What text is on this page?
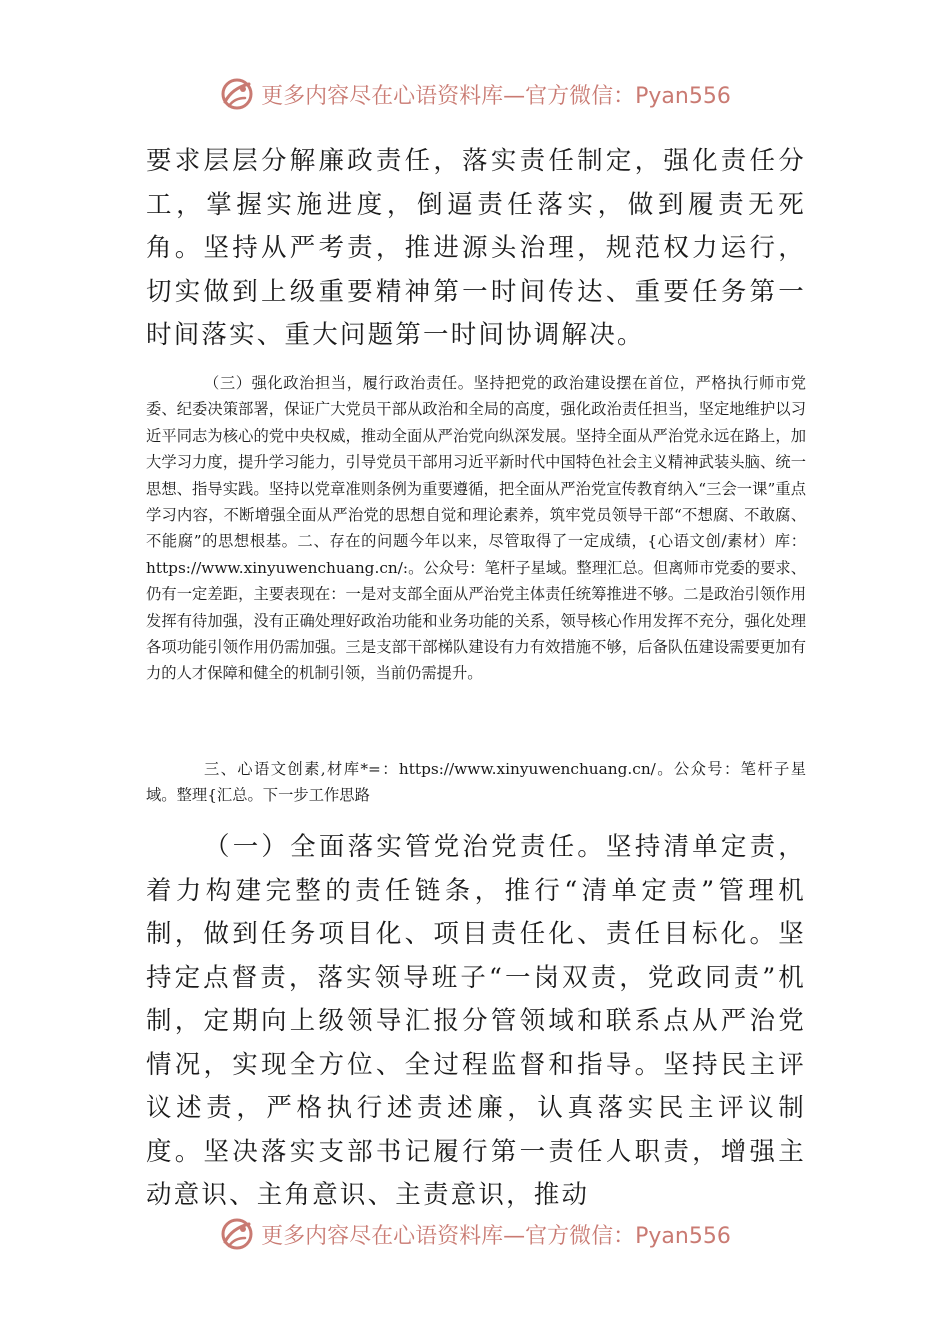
更多内容尽在心语资料库—官方微信：Pyan556

要求层层分解廉政责任，落实责任制定，强化责任分工，掌握实施进度，倒逼责任落实，做到履责无死角。坚持从严考责，推进源头治理，规范权力运行，切实做到上级重要精神第一时间传达、重要任务第一时间落实、重大问题第一时间协调解决。

（三）强化政治担当，履行政治责任。坚持把党的政治建设摆在首位，严格执行师市党委、纪委决策部署，保证广大党员干部从政治和全局的高度，强化政治责任担当，坚定地维护以习近平同志为核心的党中央权威，推动全面从严治党向纵深发展。坚持全面从严治党永远在路上，加大学习力度，提升学习能力，引导党员干部用习近平新时代中国特色社会主义精神武装头脑、统一思想、指导实践。坚持以党章准则条例为重要遵循，把全面从严治党宣传教育纳入“三会一课”重点学习内容，不断增强全面从严治党的思想自觉和理论素养，筑牢党员领导干部“不想腐、不敢腐、不能腐”的思想根基。二、存在的问题今年以来，尽管取得了一定成绩，{心语文创/素材）库：https://www.xinyuwenchuang.cn/:。公众号：笔杆子星域。整理汇总。但离师市党委的要求、仍有一定差距，主要表现在：一是对支部全面从严治党主体责任统筹推进不够。二是政治引领作用发挥有待加强，没有正确处理好政治功能和业务功能的关系，领导核心作用发挥不充分，强化处理各项功能引领作用仍需加强。三是支部干部梯队建设有力有效措施不够，后备队伍建设需要更加有力的人才保障和健全的机制引领，当前仍需提升。

三、心语文创素,材库*=：https://www.xinyuwenchuang.cn/。公众号：笔杆子星域。整理{汇总。下一步工作思路

（一）全面落实管党治党责任。坚持清单定责，着力构建完整的责任链条，推行“清单定责”管理机制，做到任务项目化、项目责任化、责任目标化。坚持定点督责，落实领导班子“一岗双责，党政同责”机制，定期向上级领导汇报分管领域和联系点从严治党情况，实现全方位、全过程监督和指导。坚持民主评议述责，严格执行述责述廉，认真落实民主评议制度。坚决落实支部书记履行第一责任人职责，增强主动意识、主角意识、主责意识，推动

更多内容尽在心语资料库—官方微信：Pyan556
